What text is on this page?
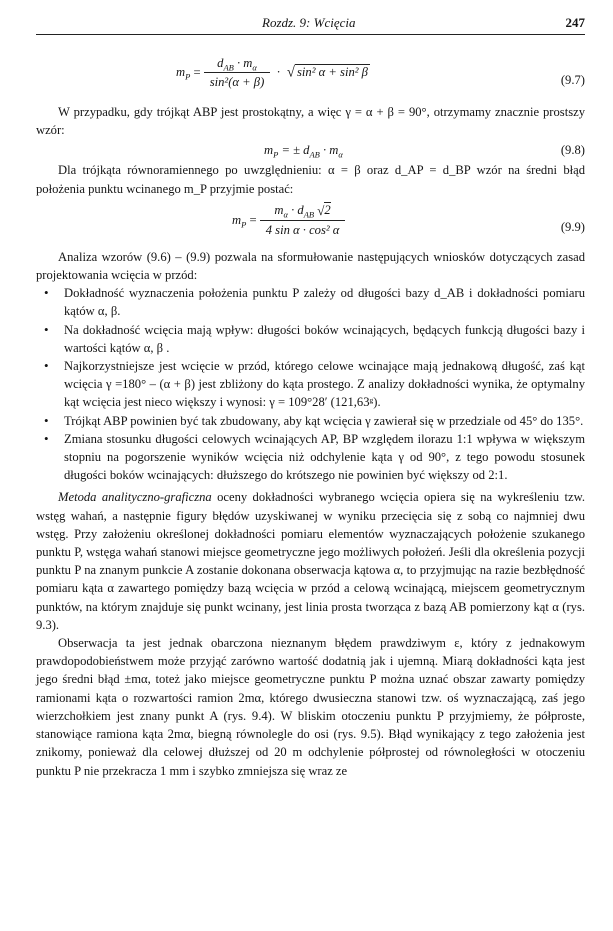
Rozdz. 9: Wcięcia	247
$m_P = \frac{d_{AB} \cdot m_\alpha}{\text{sin²(α + β)}}$ · √ sin² α + sin² β
(9.7)

W przypadku, gdy trójkąt ABP jest prostokątny, a więc γ = α + β = 90°, otrzymamy znacznie prostszy wzór:

$m_P$ = ± $d_{AB} \cdot m_\alpha$	(9.8)

Dla trójkąta równoramiennego po uwzględnieniu: α = β oraz d_AP = d_BP wzór na średni błąd położenia punktu wcinanego m_P przyjmie postać:

$m_P = \frac{m_\alpha \cdot d_{AB} √2}{\text{4 sin α · cos² α}}$	(9.9)

Analiza wzorów (9.6) – (9.9) pozwala na sformułowanie następujących wniosków dotyczących zasad projektowania wcięcia w przód:

• Dokładność wyznaczenia położenia punktu P zależy od długości bazy d_AB i dokładności pomiaru kątów α, β.
• Na dokładność wcięcia mają wpływ: długości boków wcinających, będących funkcją długości bazy i wartości kątów α, β .
• Najkorzystniejsze jest wcięcie w przód, którego celowe wcinające mają jednakową długość, zaś kąt wcięcia γ =180° – (α + β) jest zbliżony do kąta prostego. Z analizy dokładności wynika, że optymalny kąt wcięcia jest nieco większy i wynosi: γ = 109°28′ (121,63ᵍ).
• Trójkąt ABP powinien być tak zbudowany, aby kąt wcięcia γ zawierał się w przedziale od 45° do 135°.
• Zmiana stosunku długości celowych wcinających AP, BP względem ilorazu 1:1 wpływa w większym stopniu na pogorszenie wyników wcięcia niż odchylenie kąta γ od 90°, z tego powodu stosunek długości boków wcinających: dłuższego do krótszego nie powinien być większy od 2:1.

Metoda analityczno-graficzna oceny dokładności wybranego wcięcia opiera się na wykreśleniu tzw. wstęg wahań, a następnie figury błędów uzyskiwanej w wyniku przecięcia się z sobą co najmniej dwu wstęg. Przy założeniu określonej dokładności pomiaru elementów wyznaczających położenie szukanego punktu P, wstęga wahań stanowi miejsce geometryczne jego możliwych położeń. Jeśli dla określenia pozycji punktu P na znanym punkcie A zostanie dokonana obserwacja kątowa α, to przyjmując na razie bezbłędność pomiaru kąta α zawartego pomiędzy bazą wcięcia w przód a celową wcinającą, miejscem geometrycznym punktów, na którym znajduje się punkt wcinany, jest linia prosta tworząca z bazą AB pomierzony kąt α (rys. 9.3).

Obserwacja ta jest jednak obarczona nieznanym błędem prawdziwym ε, który z jednakowym prawdopodobieństwem może przyjąć zarówno wartość dodatnią jak i ujemną. Miarą dokładności kąta jest jego średni błąd ±mα, toteż jako miejsce geometryczne punktu P można uznać obszar zawarty pomiędzy ramionami kąta o rozwartości ramion 2mα, którego dwusieczna stanowi tzw. oś wyznaczającą, zaś jego wierzchołkiem jest znany punkt A (rys. 9.4). W bliskim otoczeniu punktu P przyjmiemy, że półproste, stanowiące ramiona kąta 2mα, biegną równolegle do osi (rys. 9.5). Błąd wynikający z tego założenia jest znikomy, ponieważ dla celowej dłuższej od 20 m odchylenie półprostej od równoległości w otoczeniu punktu P nie przekracza 1 mm i szybko zmniejsza się wraz ze
